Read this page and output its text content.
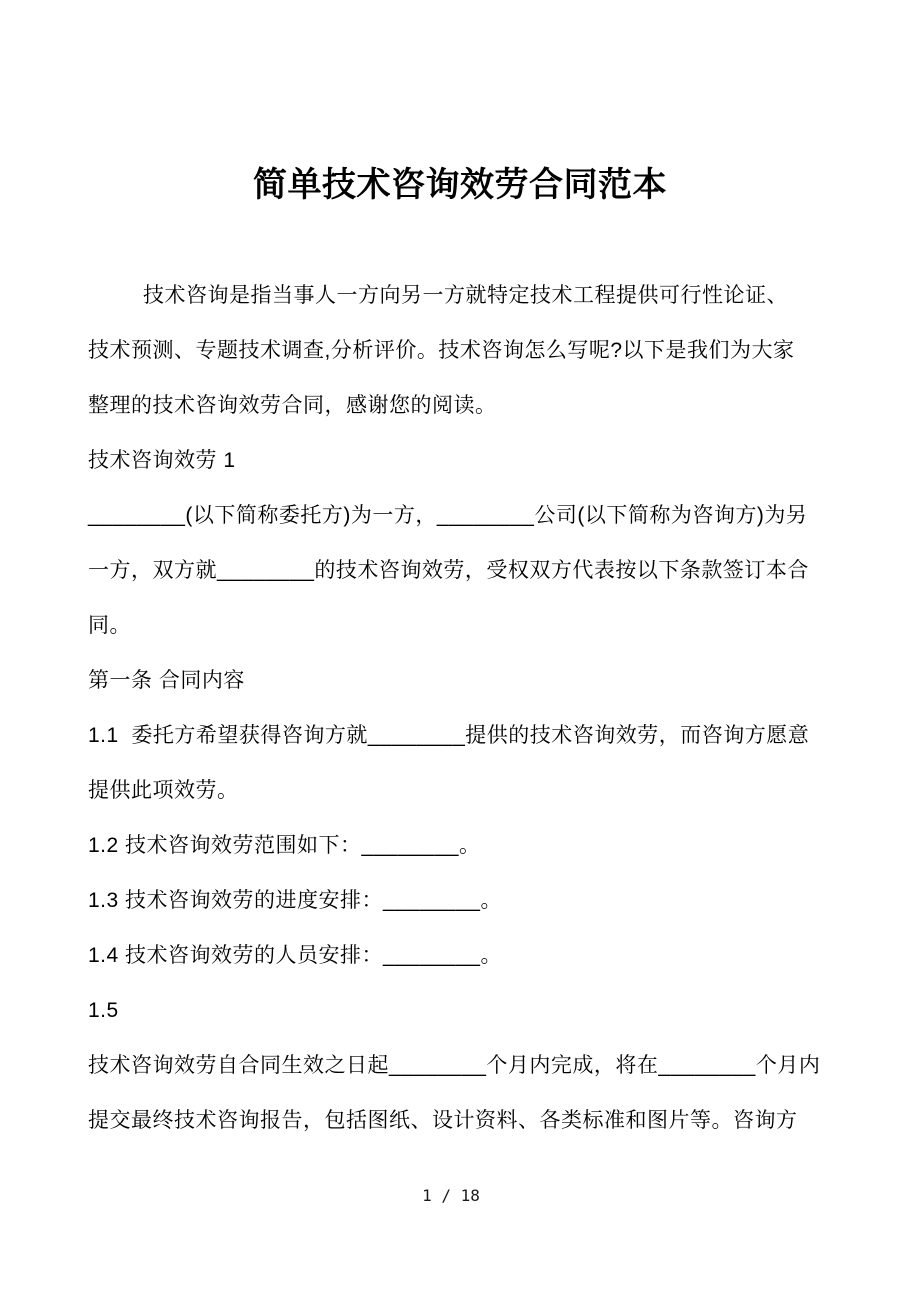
简单技术咨询效劳合同范本
技术咨询是指当事人一方向另一方就特定技术工程提供可行性论证、
技术预测、专题技术调查,分析评价。技术咨询怎么写呢?以下是我们为大家
整理的技术咨询效劳合同，感谢您的阅读。
技术咨询效劳 1
________(以下简称委托方)为一方，________公司(以下简称为咨询方)为另
一方，双方就________的技术咨询效劳，受权双方代表按以下条款签订本合
同。
第一条 合同内容
1.1  委托方希望获得咨询方就________提供的技术咨询效劳，而咨询方愿意
提供此项效劳。
1.2 技术咨询效劳范围如下：________。
1.3 技术咨询效劳的进度安排：________。
1.4 技术咨询效劳的人员安排：________。
1.5
技术咨询效劳自合同生效之日起________个月内完成，将在________个月内
提交最终技术咨询报告，包括图纸、设计资料、各类标准和图片等。咨询方
1 / 18
